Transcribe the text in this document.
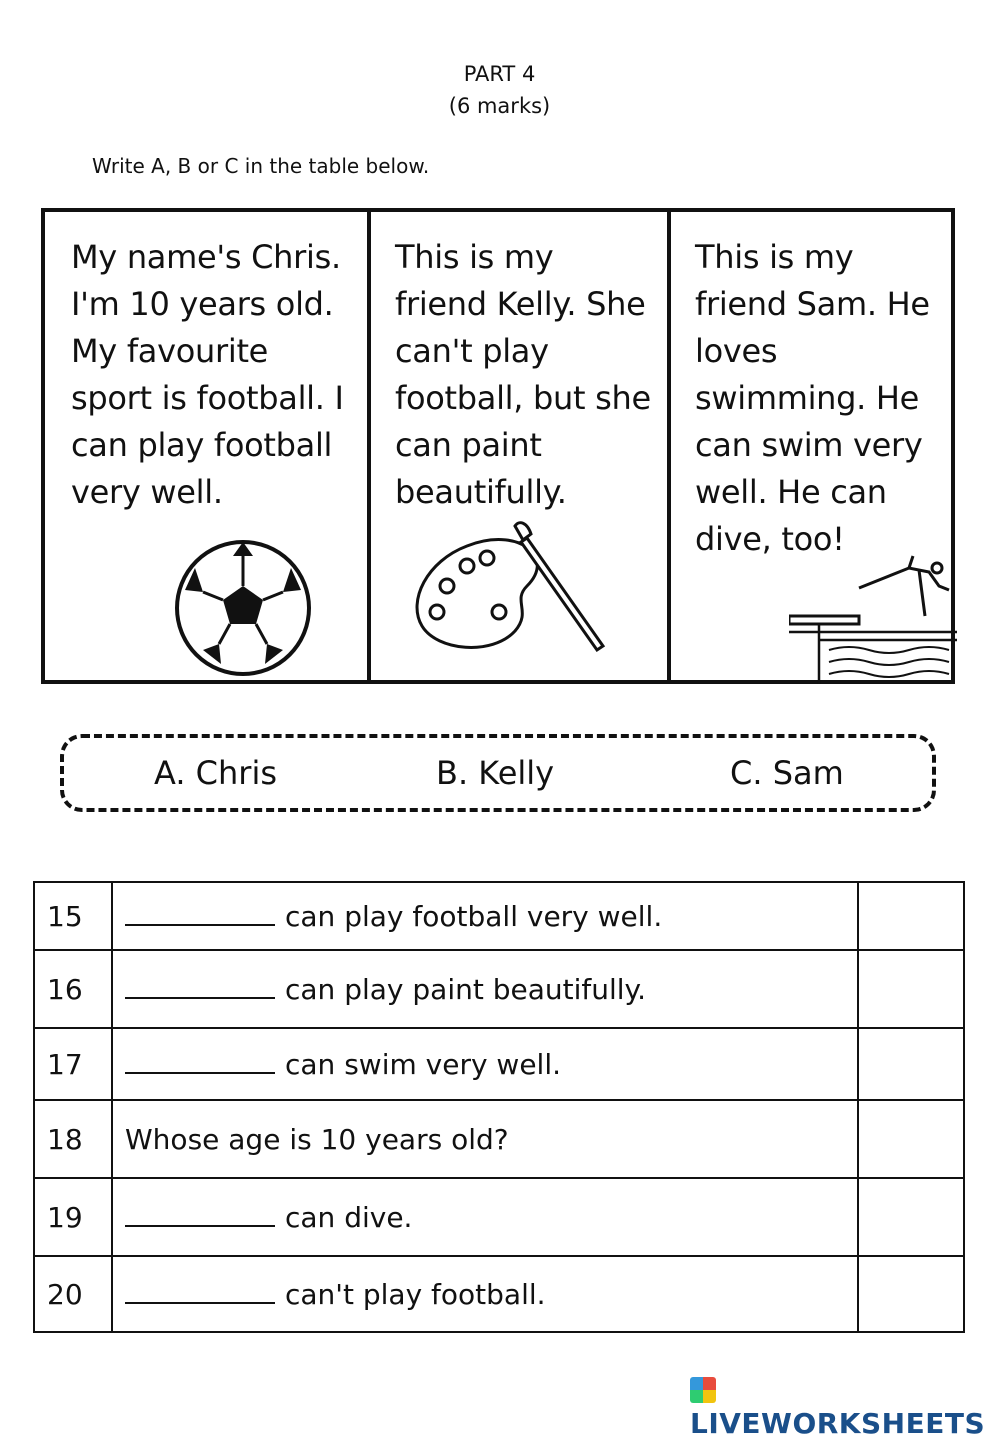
PART 4
(6 marks)
Write A, B or C in the table below.
My name's Chris. I'm 10 years old. My favourite sport is football. I can play football very well.
This is my friend Kelly. She can't play football, but she can paint beautifully.
This is my friend Sam. He loves swimming. He can swim very well. He can dive, too!
A. Chris	B. Kelly	C. Sam
15	can play football very well.	
16	can play paint beautifully.	
17	can swim very well.	
18	Whose age is 10 years old?	
19	can dive.	
20	can't play football.	
LIVEWORKSHEETS
